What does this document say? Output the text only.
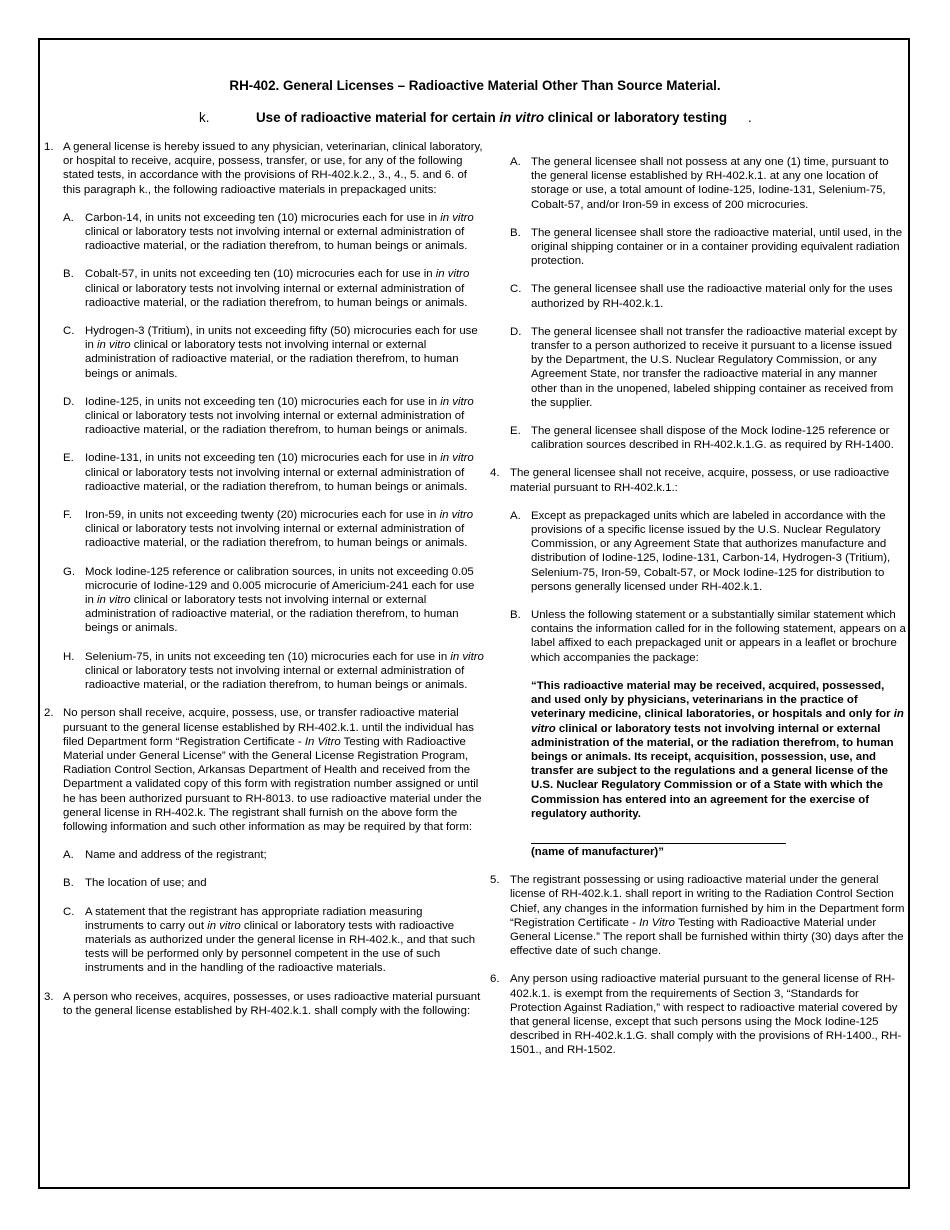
RH-402. General Licenses – Radioactive Material Other Than Source Material.
k.	Use of radioactive material for certain in vitro clinical or laboratory testing .
1. A general license is hereby issued to any physician, veterinarian, clinical laboratory, or hospital to receive, acquire, possess, transfer, or use, for any of the following stated tests, in accordance with the provisions of RH-402.k.2., 3., 4., 5. and 6. of this paragraph k., the following radioactive materials in prepackaged units:
A. Carbon-14, in units not exceeding ten (10) microcuries each for use in in vitro clinical or laboratory tests not involving internal or external administration of radioactive material, or the radiation therefrom, to human beings or animals.
B. Cobalt-57, in units not exceeding ten (10) microcuries each for use in in vitro clinical or laboratory tests not involving internal or external administration of radioactive material, or the radiation therefrom, to human beings or animals.
C. Hydrogen-3 (Tritium), in units not exceeding fifty (50) microcuries each for use in in vitro clinical or laboratory tests not involving internal or external administration of radioactive material, or the radiation therefrom, to human beings or animals.
D. Iodine-125, in units not exceeding ten (10) microcuries each for use in in vitro clinical or laboratory tests not involving internal or external administration of radioactive material, or the radiation therefrom, to human beings or animals.
E. Iodine-131, in units not exceeding ten (10) microcuries each for use in in vitro clinical or laboratory tests not involving internal or external administration of radioactive material, or the radiation therefrom, to human beings or animals.
F. Iron-59, in units not exceeding twenty (20) microcuries each for use in in vitro clinical or laboratory tests not involving internal or external administration of radioactive material, or the radiation therefrom, to human beings or animals.
G. Mock Iodine-125 reference or calibration sources, in units not exceeding 0.05 microcurie of Iodine-129 and 0.005 microcurie of Americium-241 each for use in in vitro clinical or laboratory tests not involving internal or external administration of radioactive material, or the radiation therefrom, to human beings or animals.
H. Selenium-75, in units not exceeding ten (10) microcuries each for use in in vitro clinical or laboratory tests not involving internal or external administration of radioactive material, or the radiation therefrom, to human beings or animals.
2. No person shall receive, acquire, possess, use, or transfer radioactive material pursuant to the general license established by RH-402.k.1. until the individual has filed Department form “Registration Certificate - In Vitro Testing with Radioactive Material under General License” with the General License Registration Program, Radiation Control Section, Arkansas Department of Health and received from the Department a validated copy of this form with registration number assigned or until he has been authorized pursuant to RH-8013. to use radioactive material under the general license in RH-402.k. The registrant shall furnish on the above form the following information and such other information as may be required by that form:
A. Name and address of the registrant;
B. The location of use; and
C. A statement that the registrant has appropriate radiation measuring instruments to carry out in vitro clinical or laboratory tests with radioactive materials as authorized under the general license in RH-402.k., and that such tests will be performed only by personnel competent in the use of such instruments and in the handling of the radioactive materials.
3. A person who receives, acquires, possesses, or uses radioactive material pursuant to the general license established by RH-402.k.1. shall comply with the following:
A. The general licensee shall not possess at any one (1) time, pursuant to the general license established by RH-402.k.1. at any one location of storage or use, a total amount of Iodine-125, Iodine-131, Selenium-75, Cobalt-57, and/or Iron-59 in excess of 200 microcuries.
B. The general licensee shall store the radioactive material, until used, in the original shipping container or in a container providing equivalent radiation protection.
C. The general licensee shall use the radioactive material only for the uses authorized by RH-402.k.1.
D. The general licensee shall not transfer the radioactive material except by transfer to a person authorized to receive it pursuant to a license issued by the Department, the U.S. Nuclear Regulatory Commission, or any Agreement State, nor transfer the radioactive material in any manner other than in the unopened, labeled shipping container as received from the supplier.
E. The general licensee shall dispose of the Mock Iodine-125 reference or calibration sources described in RH-402.k.1.G. as required by RH-1400.
4. The general licensee shall not receive, acquire, possess, or use radioactive material pursuant to RH-402.k.1.:
A. Except as prepackaged units which are labeled in accordance with the provisions of a specific license issued by the U.S. Nuclear Regulatory Commission, or any Agreement State that authorizes manufacture and distribution of Iodine-125, Iodine-131, Carbon-14, Hydrogen-3 (Tritium), Selenium-75, Iron-59, Cobalt-57, or Mock Iodine-125 for distribution to persons generally licensed under RH-402.k.1.
B. Unless the following statement or a substantially similar statement which contains the information called for in the following statement, appears on a label affixed to each prepackaged unit or appears in a leaflet or brochure which accompanies the package:
“This radioactive material may be received, acquired, possessed, and used only by physicians, veterinarians in the practice of veterinary medicine, clinical laboratories, or hospitals and only for in vitro clinical or laboratory tests not involving internal or external administration of the material, or the radiation therefrom, to human beings or animals. Its receipt, acquisition, possession, use, and transfer are subject to the regulations and a general license of the U.S. Nuclear Regulatory Commission or of a State with which the Commission has entered into an agreement for the exercise of regulatory authority.
(name of manufacturer)”
5. The registrant possessing or using radioactive material under the general license of RH-402.k.1. shall report in writing to the Radiation Control Section Chief, any changes in the information furnished by him in the Department form “Registration Certificate - In Vitro Testing with Radioactive Material under General License.” The report shall be furnished within thirty (30) days after the effective date of such change.
6. Any person using radioactive material pursuant to the general license of RH-402.k.1. is exempt from the requirements of Section 3, “Standards for Protection Against Radiation,” with respect to radioactive material covered by that general license, except that such persons using the Mock Iodine-125 described in RH-402.k.1.G. shall comply with the provisions of RH-1400., RH-1501., and RH-1502.
